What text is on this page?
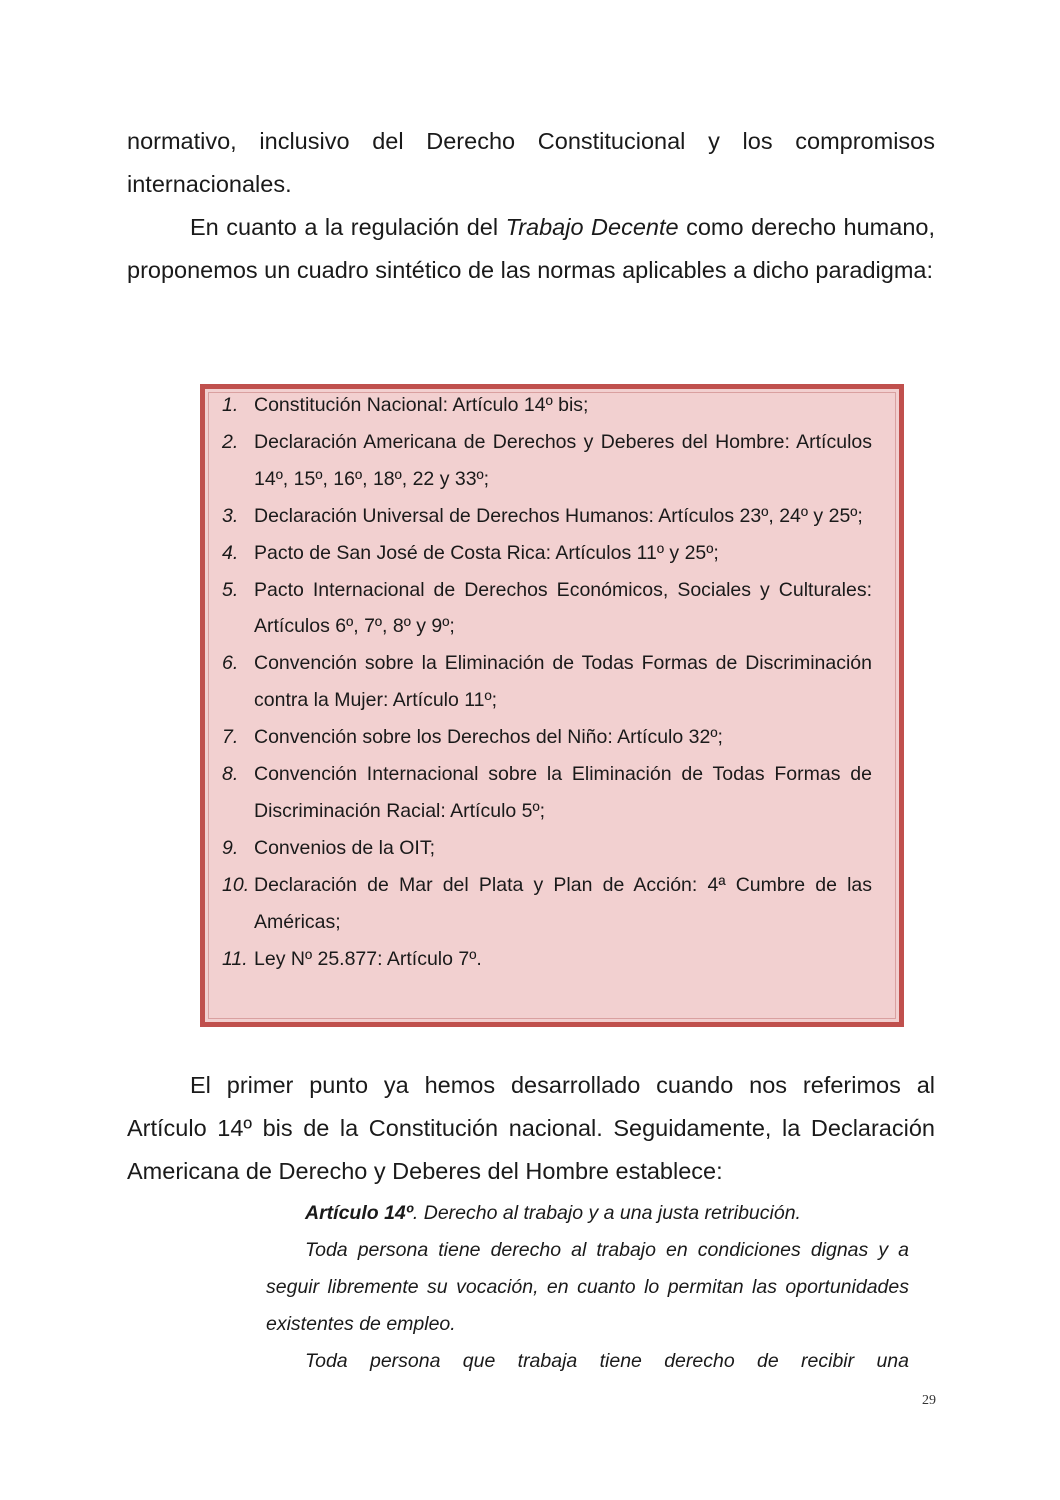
normativo, inclusivo del Derecho Constitucional y los compromisos internacionales.

En cuanto a la regulación del Trabajo Decente como derecho humano, proponemos un cuadro sintético de las normas aplicables a dicho paradigma:

1. Constitución Nacional: Artículo 14º bis;
2. Declaración Americana de Derechos y Deberes del Hombre: Artículos 14º, 15º, 16º, 18º, 22 y 33º;
3. Declaración Universal de Derechos Humanos: Artículos 23º, 24º y 25º;
4. Pacto de San José de Costa Rica: Artículos 11º y 25º;
5. Pacto Internacional de Derechos Económicos, Sociales y Culturales: Artículos 6º, 7º, 8º y 9º;
6. Convención sobre la Eliminación de Todas Formas de Discriminación contra la Mujer: Artículo 11º;
7. Convención sobre los Derechos del Niño: Artículo 32º;
8. Convención Internacional sobre la Eliminación de Todas Formas de Discriminación Racial: Artículo 5º;
9. Convenios de la OIT;
10. Declaración de Mar del Plata y Plan de Acción: 4ª Cumbre de las Américas;
11. Ley Nº 25.877: Artículo 7º.

El primer punto ya hemos desarrollado cuando nos referimos al Artículo 14º bis de la Constitución nacional. Seguidamente, la Declaración Americana de Derecho y Deberes del Hombre establece:

Artículo 14º. Derecho al trabajo y a una justa retribución.

Toda persona tiene derecho al trabajo en condiciones dignas y a seguir libremente su vocación, en cuanto lo permitan las oportunidades existentes de empleo.

Toda persona que trabaja tiene derecho de recibir una

29
